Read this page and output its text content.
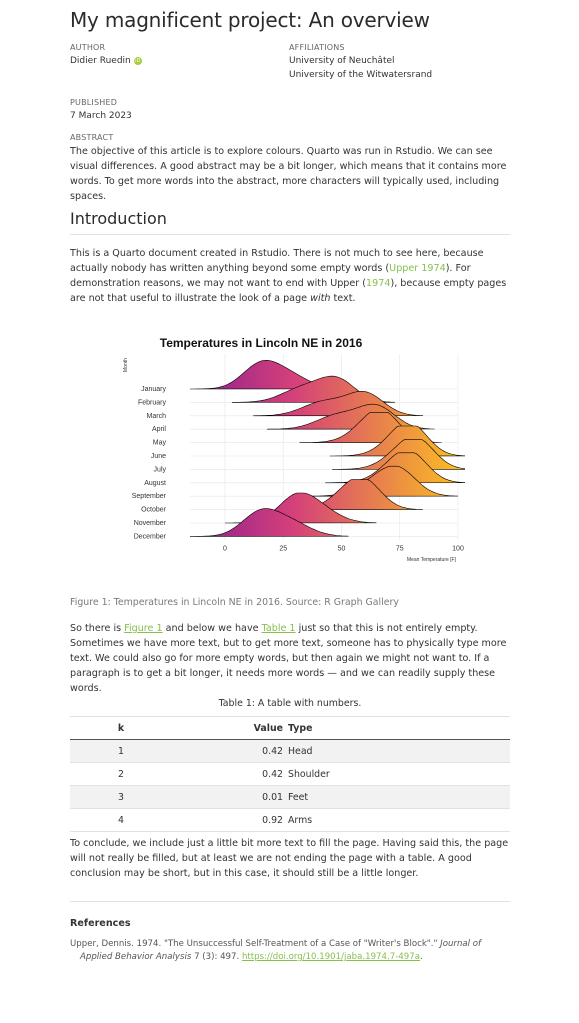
My magnificent project: An overview
AUTHOR
Didier Ruedin iD
AFFILIATIONS
University of Neuchâtel
University of the Witwatersrand
PUBLISHED
7 March 2023
ABSTRACT

The objective of this article is to explore colours. Quarto was run in Rstudio. We can see visual differences. A good abstract may be a bit longer, which means that it contains more words. To get more words into the abstract, more characters will typically used, including spaces.

Introduction

This is a Quarto document created in Rstudio. There is not much to see here, because actually nobody has written anything beyond some empty words (Upper 1974). For demonstration reasons, we may not want to end with Upper (1974), because empty pages are not that useful to illustrate the look of a page with text.

Temperatures in Lincoln NE in 2016
Month
Mean Temperature [F]
January
February
March
April
May
June
July
August
September
October
November
December
0	25	50	75	100
Figure 1: Temperatures in Lincoln NE in 2016. Source: R Graph Gallery

So there is Figure 1 and below we have Table 1 just so that this is not entirely empty. Sometimes we have more text, but to get more text, someone has to physically type more text. We could also go for more empty words, but then again we might not want to. If a paragraph is to get a bit longer, it needs more words — and we can readily supply these words.

Table 1: A table with numbers.
k	Value	Type
1	0.42	Head
2	0.42	Shoulder
3	0.01	Feet
4	0.92	Arms

To conclude, we include just a little bit more text to fill the page. Having said this, the page will not really be filled, but at least we are not ending the page with a table. A good conclusion may be short, but in this case, it should still be a little longer.

References
Upper, Dennis. 1974. "The Unsuccessful Self-Treatment of a Case of "Writer's Block"." Journal of Applied Behavior Analysis 7 (3): 497. https://doi.org/10.1901/jaba.1974.7-497a.
